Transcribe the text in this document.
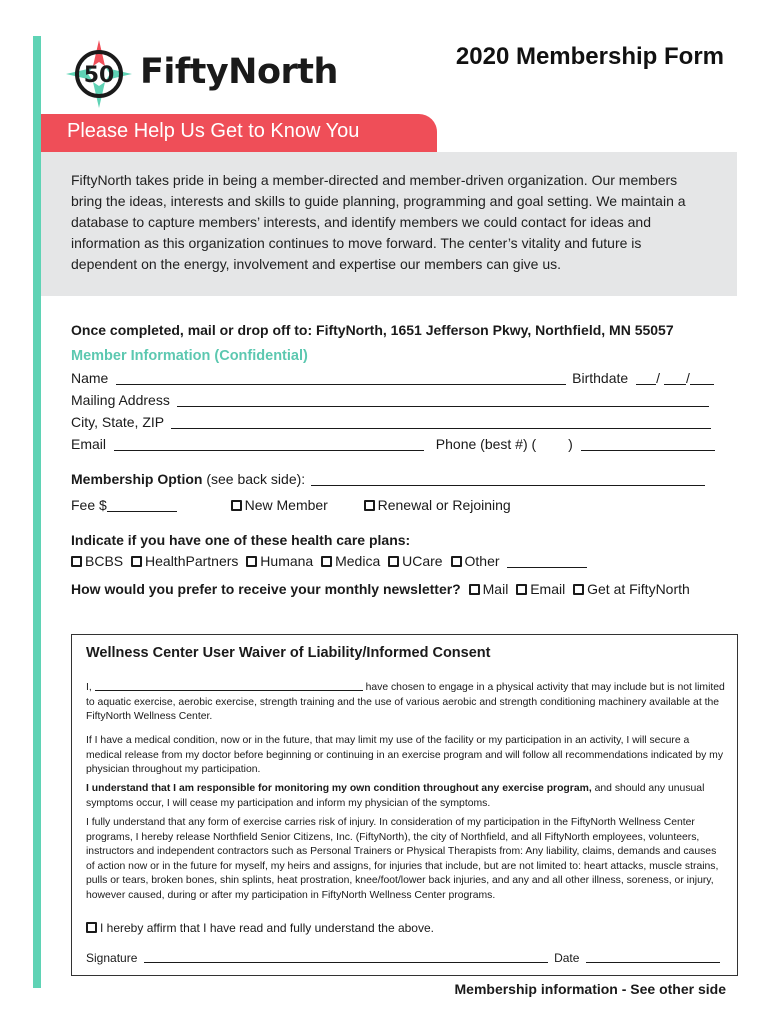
50 FiftyNorth	2020 Membership Form
Please Help Us Get to Know You

FiftyNorth takes pride in being a member-directed and member-driven organization. Our members bring the ideas, interests and skills to guide planning, programming and goal setting. We maintain a database to capture members’ interests, and identify members we could contact for ideas and information as this organization continues to move forward. The center’s vitality and future is dependent on the energy, involvement and expertise our members can give us.

Once completed, mail or drop off to: FiftyNorth, 1651 Jefferson Pkwy, Northfield, MN 55057
Member Information (Confidential)
Name	Birthdate / /
Mailing Address
City, State, ZIP
Email	Phone (best #) ( )
Membership Option (see back side):
Fee $	New Member	Renewal or Rejoining
Indicate if you have one of these health care plans:
BCBS HealthPartners Humana Medica UCare Other
How would you prefer to receive your monthly newsletter? Mail Email Get at FiftyNorth
Wellness Center User Waiver of Liability/Informed Consent
I,	have chosen to engage in a physical activity that may include but is not limited to aquatic exercise, aerobic exercise, strength training and the use of various aerobic and strength conditioning machinery available at the FiftyNorth Wellness Center.
If I have a medical condition, now or in the future, that may limit my use of the facility or my participation in an activity, I will secure a medical release from my doctor before beginning or continuing in an exercise program and will follow all recommendations indicated by my physician throughout my participation.
I understand that I am responsible for monitoring my own condition throughout any exercise program, and should any unusual symptoms occur, I will cease my participation and inform my physician of the symptoms.
I fully understand that any form of exercise carries risk of injury. In consideration of my participation in the FiftyNorth Wellness Center programs, I hereby release Northfield Senior Citizens, Inc. (FiftyNorth), the city of Northfield, and all FiftyNorth employees, volunteers, instructors and independent contractors such as Personal Trainers or Physical Therapists from: Any liability, claims, demands and causes of action now or in the future for myself, my heirs and assigns, for injuries that include, but are not limited to: heart attacks, muscle strains, pulls or tears, broken bones, shin splints, heat prostration, knee/foot/lower back injuries, and any and all other illness, soreness, or injury, however caused, during or after my participation in FiftyNorth Wellness Center programs.
I hereby affirm that I have read and fully understand the above.
Signature	Date
Membership information - See other side
